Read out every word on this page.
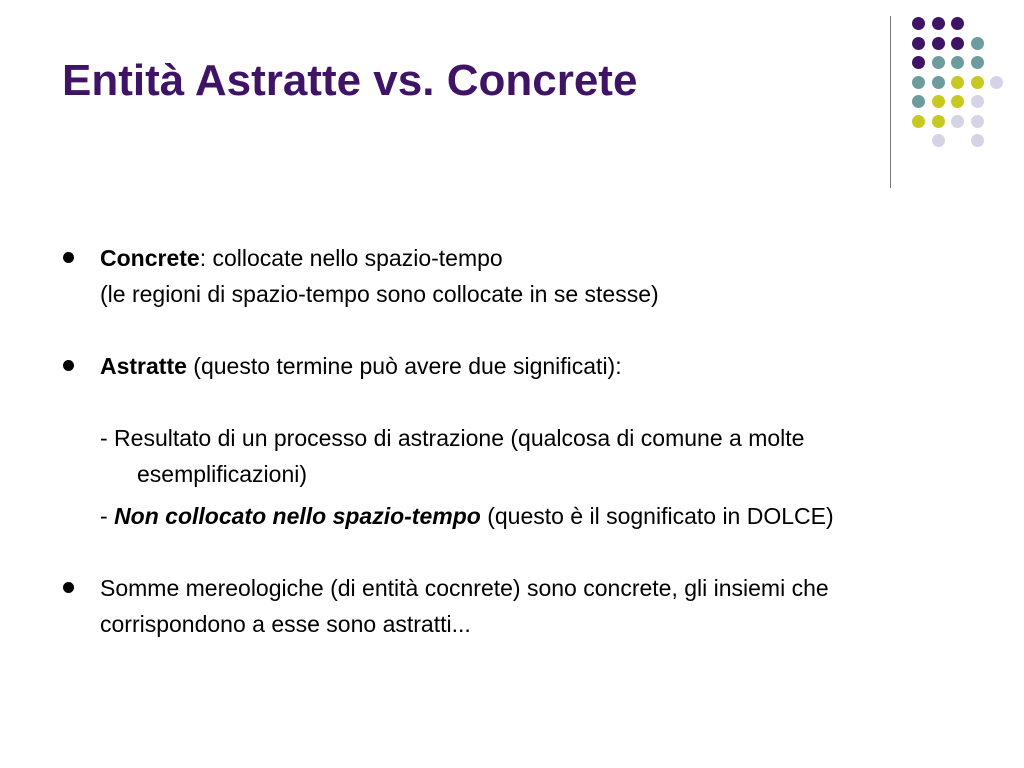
Entità Astratte vs. Concrete
Concrete: collocate nello spazio-tempo
(le regioni di spazio-tempo sono collocate in se stesse)
Astratte (questo termine può avere due significati):
- Resultato di un processo di astrazione (qualcosa di comune a molte esemplificazioni)
- Non collocato nello spazio-tempo (questo è il sognificato in DOLCE)
Somme mereologiche (di entità cocnrete) sono concrete, gli insiemi che corrispondono a esse sono astratti...
